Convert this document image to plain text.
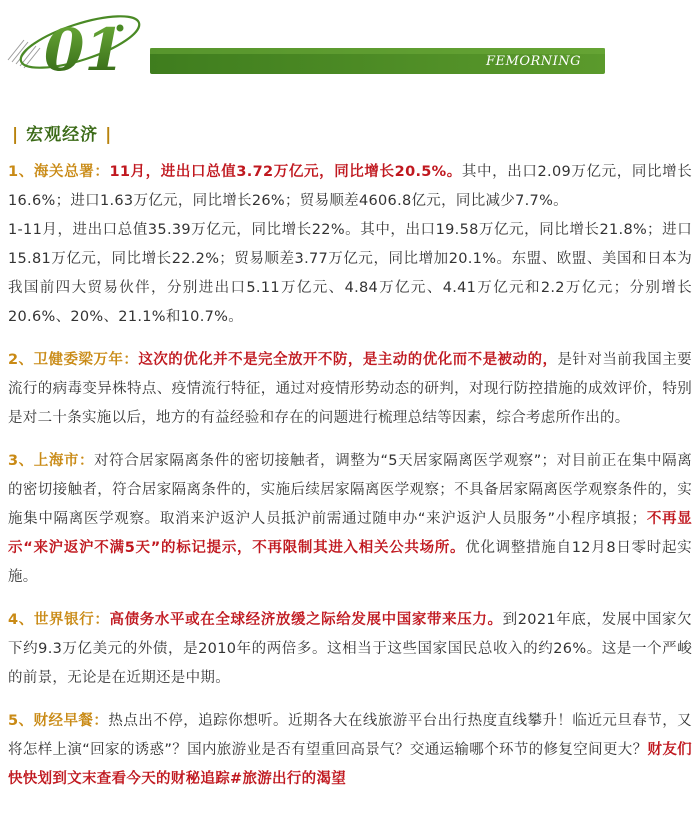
01	FEMORNING
| 宏观经济 |
1、海关总署：11月，进出口总值3.72万亿元，同比增长20.5%。其中，出口2.09万亿元，同比增长16.6%；进口1.63万亿元，同比增长26%；贸易顺差4606.8亿元，同比减少7.7%。
1-11月，进出口总值35.39万亿元，同比增长22%。其中，出口19.58万亿元，同比增长21.8%；进口15.81万亿元，同比增长22.2%；贸易顺差3.77万亿元，同比增加20.1%。东盟、欧盟、美国和日本为我国前四大贸易伙伴，分别进出口5.11万亿元、4.84万亿元、4.41万亿元和2.2万亿元；分别增长20.6%、20%、21.1%和10.7%。
2、卫健委梁万年：这次的优化并不是完全放开不防，是主动的优化而不是被动的，是针对当前我国主要流行的病毒变异株特点、疫情流行特征，通过对疫情形势动态的研判，对现行防控措施的成效评价，特别是对二十条实施以后，地方的有益经验和存在的问题进行梳理总结等因素，综合考虑所作出的。
3、上海市：对符合居家隔离条件的密切接触者，调整为“5天居家隔离医学观察”；对目前正在集中隔离的密切接触者，符合居家隔离条件的，实施后续居家隔离医学观察；不具备居家隔离医学观察条件的，实施集中隔离医学观察。取消来沪返沪人员抵沪前需通过随申办“来沪返沪人员服务”小程序填报；不再显示“来沪返沪不满5天”的标记提示，不再限制其进入相关公共场所。优化调整措施自12月8日零时起实施。
4、世界银行：高债务水平或在全球经济放缓之际给发展中国家带来压力。到2021年底，发展中国家欠下约9.3万亿美元的外债，是2010年的两倍多。这相当于这些国家国民总收入的约26%。这是一个严峻的前景，无论是在近期还是中期。
5、财经早餐：热点出不停，追踪你想听。近期各大在线旅游平台出行热度直线攀升！临近元旦春节，又将怎样上演“回家的诱惑”？国内旅游业是否有望重回高景气？交通运输哪个环节的修复空间更大？财友们快快划到文末查看今天的财秘追踪#旅游出行的渴望
